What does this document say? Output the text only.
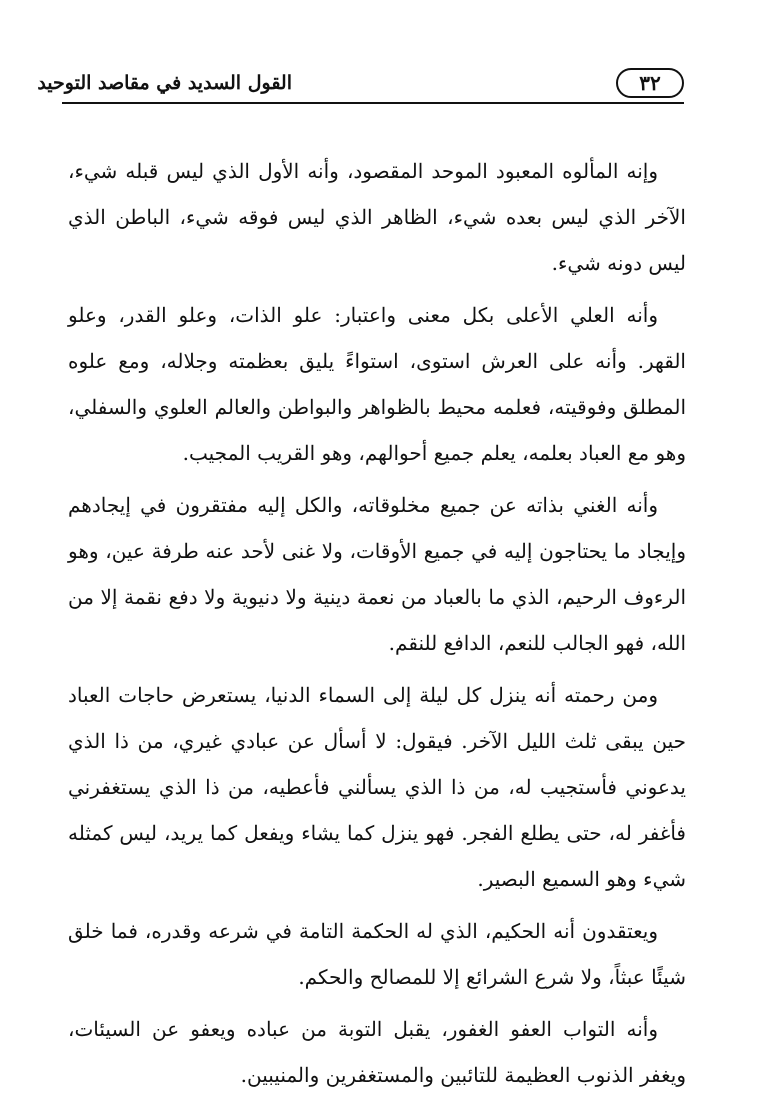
القول السديد في مقاصد التوحيد	٣٢

وإنه المألوه المعبود الموحد المقصود، وأنه الأول الذي ليس قبله شيء، الآخر الذي ليس بعده شيء، الظاهر الذي ليس فوقه شيء، الباطن الذي ليس دونه شيء.

وأنه العلي الأعلى بكل معنى واعتبار: علو الذات، وعلو القدر، وعلو القهر. وأنه على العرش استوى، استواءً يليق بعظمته وجلاله، ومع علوه المطلق وفوقيته، فعلمه محيط بالظواهر والبواطن والعالم العلوي والسفلي، وهو مع العباد بعلمه، يعلم جميع أحوالهم، وهو القريب المجيب.

وأنه الغني بذاته عن جميع مخلوقاته، والكل إليه مفتقرون في إيجادهم وإيجاد ما يحتاجون إليه في جميع الأوقات، ولا غنى لأحد عنه طرفة عين، وهو الرءوف الرحيم، الذي ما بالعباد من نعمة دينية ولا دنيوية ولا دفع نقمة إلا من الله، فهو الجالب للنعم، الدافع للنقم.

ومن رحمته أنه ينزل كل ليلة إلى السماء الدنيا، يستعرض حاجات العباد حين يبقى ثلث الليل الآخر. فيقول: لا أسأل عن عبادي غيري، من ذا الذي يدعوني فأستجيب له، من ذا الذي يسألني فأعطيه، من ذا الذي يستغفرني فأغفر له، حتى يطلع الفجر. فهو ينزل كما يشاء ويفعل كما يريد، ليس كمثله شيء وهو السميع البصير.

ويعتقدون أنه الحكيم، الذي له الحكمة التامة في شرعه وقدره، فما خلق شيئًا عبثاً، ولا شرع الشرائع إلا للمصالح والحكم.

وأنه التواب العفو الغفور، يقبل التوبة من عباده ويعفو عن السيئات، ويغفر الذنوب العظيمة للتائبين والمستغفرين والمنيبين.
